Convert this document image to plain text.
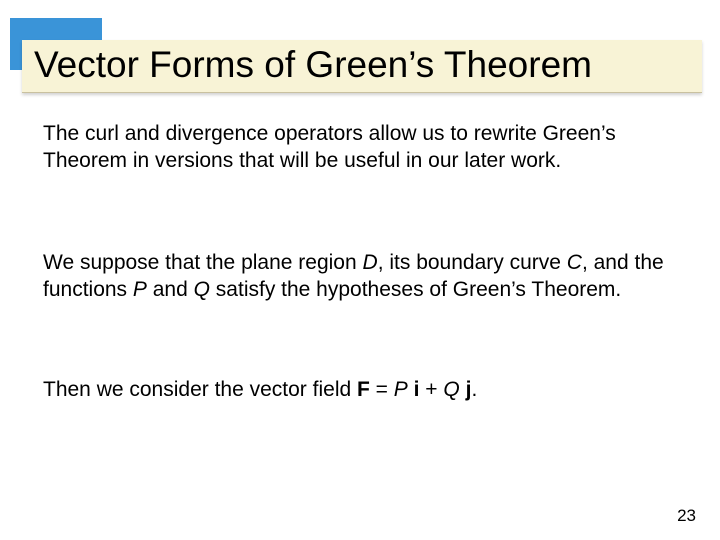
Vector Forms of Green’s Theorem

The curl and divergence operators allow us to rewrite Green’s Theorem in versions that will be useful in our later work.

We suppose that the plane region D, its boundary curve C, and the functions P and Q satisfy the hypotheses of Green’s Theorem.

Then we consider the vector field F = P i + Q j.

23
